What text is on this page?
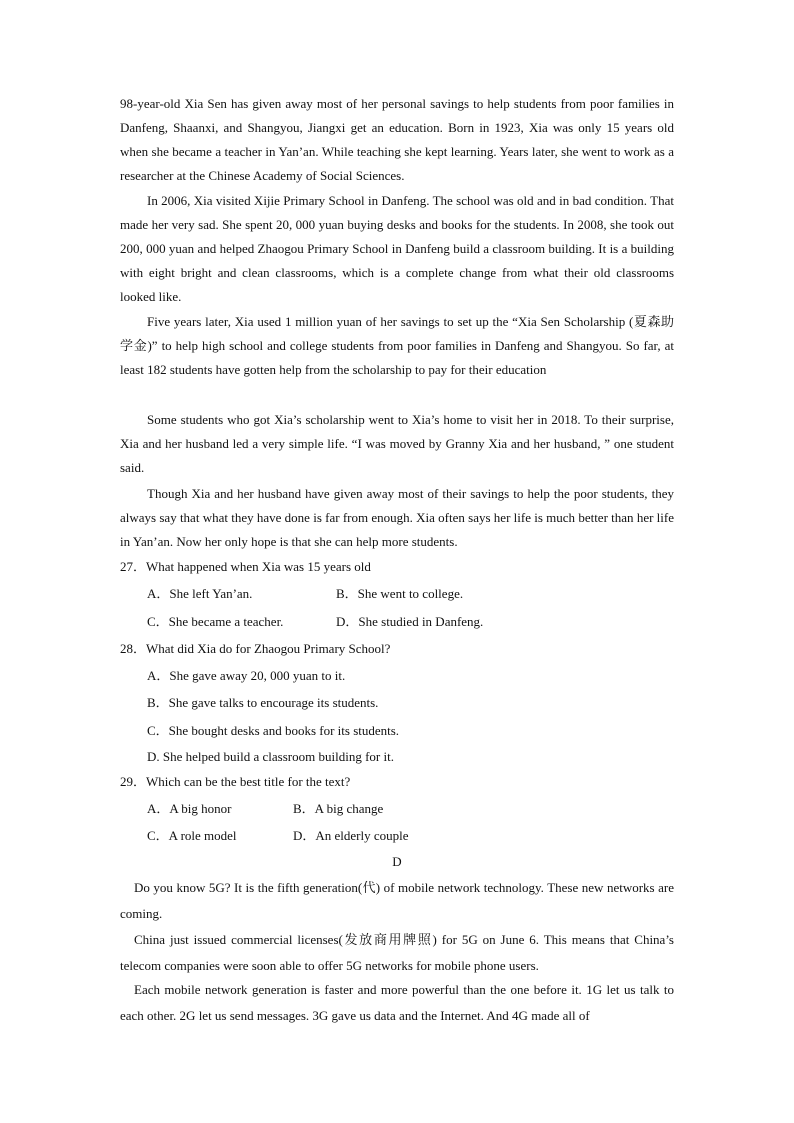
98-year-old Xia Sen has given away most of her personal savings to help students from poor families in Danfeng, Shaanxi, and Shangyou, Jiangxi get an education. Born in 1923, Xia was only 15 years old when she became a teacher in Yan’an. While teaching she kept learning. Years later, she went to work as a researcher at the Chinese Academy of Social Sciences.

In 2006, Xia visited Xijie Primary School in Danfeng. The school was old and in bad condition. That made her very sad. She spent 20, 000 yuan buying desks and books for the students. In 2008, she took out 200, 000 yuan and helped Zhaogou Primary School in Danfeng build a classroom building. It is a building with eight bright and clean classrooms, which is a complete change from what their old classrooms looked like.

Five years later, Xia used 1 million yuan of her savings to set up the “Xia Sen Scholarship (夏森助学金)” to help high school and college students from poor families in Danfeng and Shangyou. So far, at least 182 students have gotten help from the scholarship to pay for their education

Some students who got Xia’s scholarship went to Xia’s home to visit her in 2018. To their surprise, Xia and her husband led a very simple life. “I was moved by Granny Xia and her husband, ” one student said.

Though Xia and her husband have given away most of their savings to help the poor students, they always say that what they have done is far from enough. Xia often says her life is much better than her life in Yan’an. Now her only hope is that she can help more students.

27．What happened when Xia was 15 years old
A．She left Yan’an.	B．She went to college.
C．She became a teacher.	D．She studied in Danfeng.
28．What did Xia do for Zhaogou Primary School?
A．She gave away 20, 000 yuan to it.
B．She gave talks to encourage its students.
C．She bought desks and books for its students.
D. She helped build a classroom building for it.
29．Which can be the best title for the text?
A．A big honor	B．A big change
C．A role model	D．An elderly couple
D

Do you know 5G? It is the fifth generation(代) of mobile network technology. These new networks are coming.

China just issued commercial licenses(发放商用牌照) for 5G on June 6. This means that China’s telecom companies were soon able to offer 5G networks for mobile phone users.

Each mobile network generation is faster and more powerful than the one before it. 1G let us talk to each other. 2G let us send messages. 3G gave us data and the Internet. And 4G made all of
